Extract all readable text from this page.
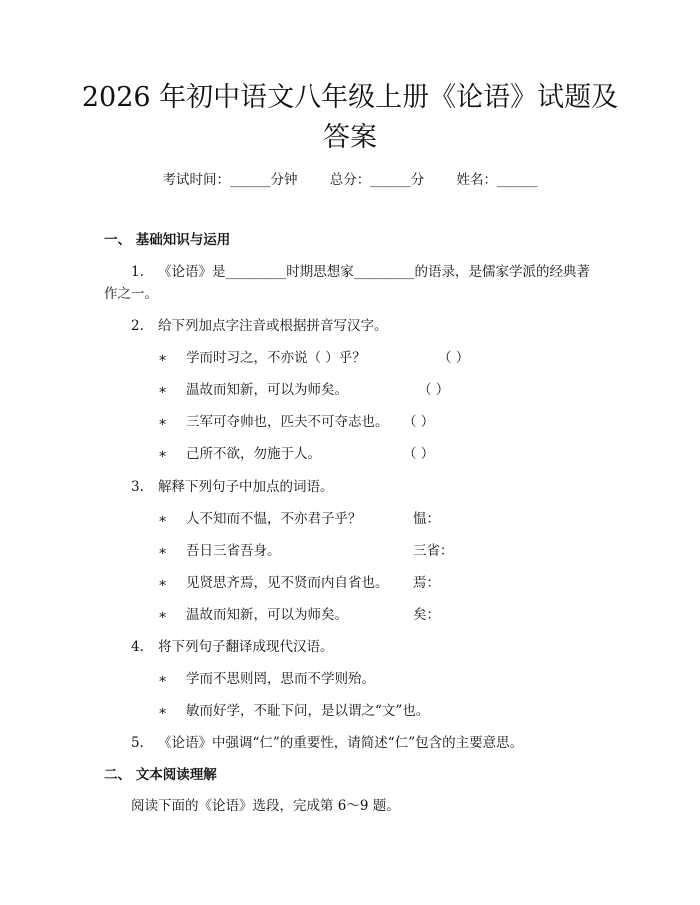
2026 年初中语文八年级上册《论语》试题及
答案
考试时间：______分钟 总分：______分 姓名：______
一、 基础知识与运用
1. 《论语》是_________时期思想家_________的语录，是儒家学派的经典著
作之一。
2. 给下列加点字注音或根据拼音写汉字。
∗ 学而时习之，不亦说（ ）乎？	（ ）
∗ 温故而知新，可以为师矣。	（ ）
∗ 三军可夺帅也，匹夫不可夺志也。 （ ）
∗ 己所不欲，勿施于人。	（ ）
3. 解释下列句子中加点的词语。
∗ 人不知而不愠，不亦君子乎？	愠：
∗ 吾日三省吾身。	三省：
∗ 见贤思齐焉，见不贤而内自省也。 焉：
∗ 温故而知新，可以为师矣。	矣：
4. 将下列句子翻译成现代汉语。
∗ 学而不思则罔，思而不学则殆。
∗ 敏而好学，不耻下问，是以谓之“文”也。
5. 《论语》中强调“仁”的重要性，请简述“仁”包含的主要意思。
二、 文本阅读理解
阅读下面的《论语》选段，完成第 6～9 题。
